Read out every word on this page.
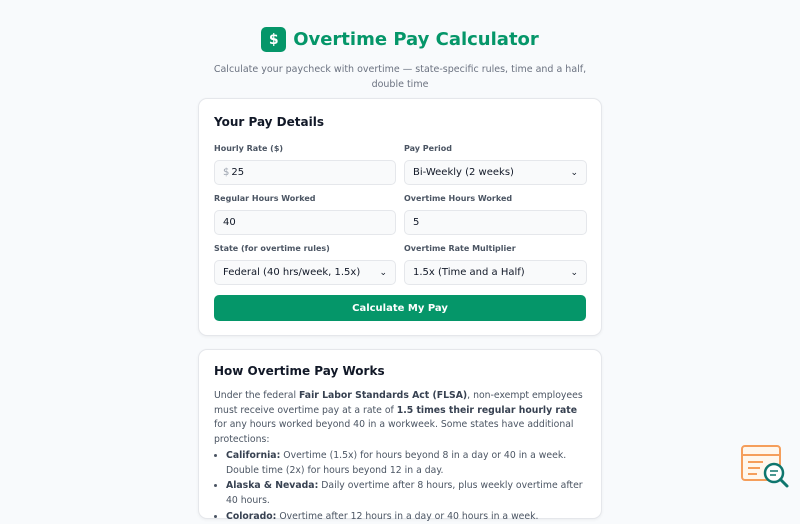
$ Overtime Pay Calculator
Calculate your paycheck with overtime — state-specific rules, time and a half, double time
Your Pay Details
Hourly Rate ($)
$ 25
Pay Period
Bi-Weekly (2 weeks)	⌄
Regular Hours Worked
40
Overtime Hours Worked
5
State (for overtime rules)
Federal (40 hrs/week, 1.5x) ⌄
Overtime Rate Multiplier
1.5x (Time and a Half)	⌄
Calculate My Pay
How Overtime Pay Works

Under the federal Fair Labor Standards Act (FLSA), non-exempt employees must receive overtime pay at a rate of 1.5 times their regular hourly rate for any hours worked beyond 40 in a workweek. Some states have additional protections:

• California: Overtime (1.5x) for hours beyond 8 in a day or 40 in a week. Double time (2x) for hours beyond 12 in a day.
• Alaska & Nevada: Daily overtime after 8 hours, plus weekly overtime after 40 hours.
• Colorado: Overtime after 12 hours in a day or 40 hours in a week.
